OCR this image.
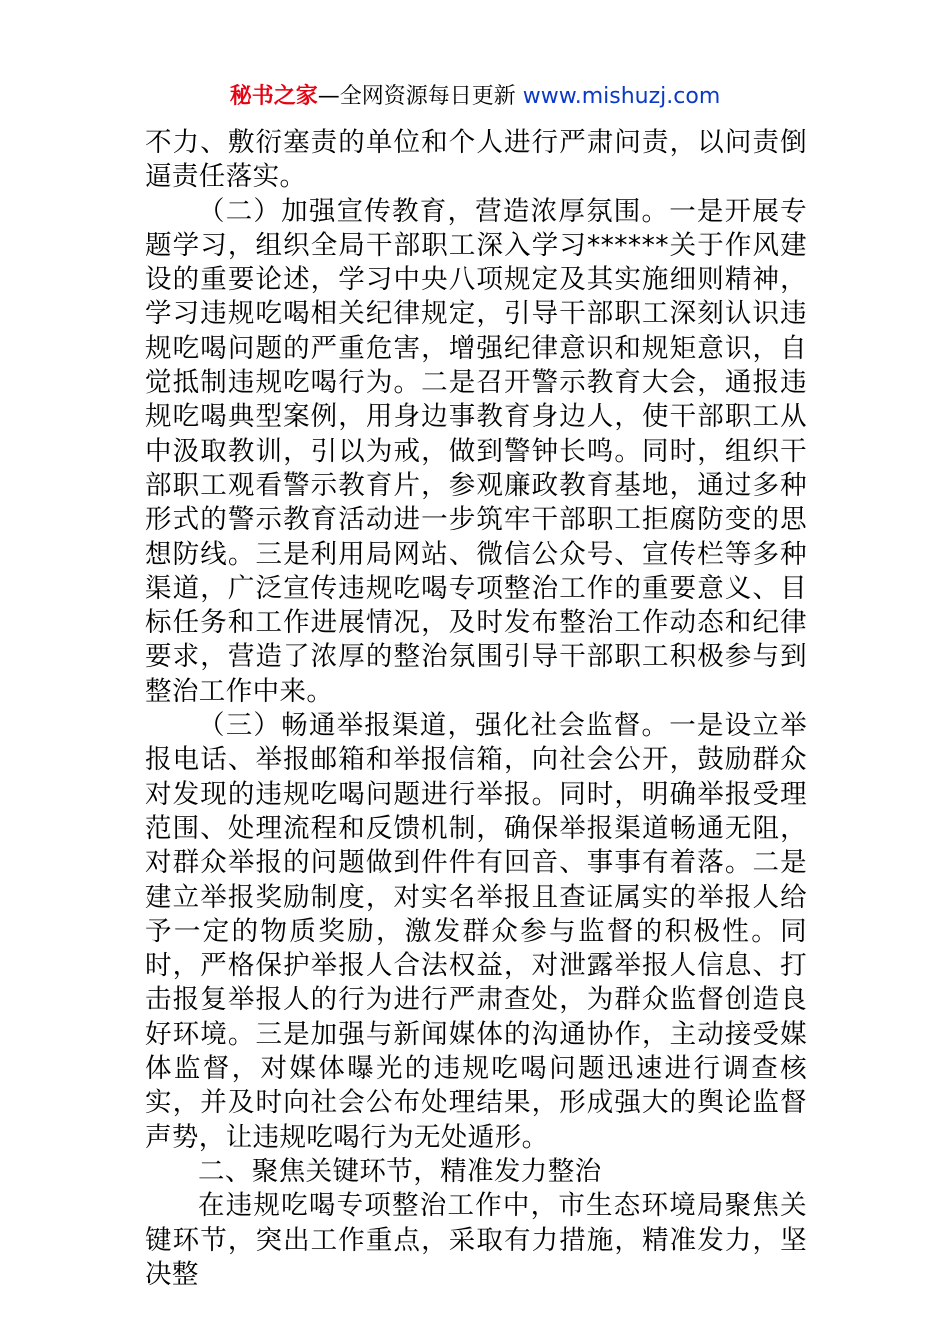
秘书之家—全网资源每日更新 www.mishuzj.com

不力、敷衍塞责的单位和个人进行严肃问责，以问责倒逼责任落实。

（二）加强宣传教育，营造浓厚氛围。一是开展专题学习，组织全局干部职工深入学习******关于作风建设的重要论述，学习中央八项规定及其实施细则精神，学习违规吃喝相关纪律规定，引导干部职工深刻认识违规吃喝问题的严重危害，增强纪律意识和规矩意识，自觉抵制违规吃喝行为。二是召开警示教育大会，通报违规吃喝典型案例，用身边事教育身边人，使干部职工从中汲取教训，引以为戒，做到警钟长鸣。同时，组织干部职工观看警示教育片，参观廉政教育基地，通过多种形式的警示教育活动进一步筑牢干部职工拒腐防变的思想防线。三是利用局网站、微信公众号、宣传栏等多种渠道，广泛宣传违规吃喝专项整治工作的重要意义、目标任务和工作进展情况，及时发布整治工作动态和纪律要求，营造了浓厚的整治氛围引导干部职工积极参与到整治工作中来。

（三）畅通举报渠道，强化社会监督。一是设立举报电话、举报邮箱和举报信箱，向社会公开，鼓励群众对发现的违规吃喝问题进行举报。同时，明确举报受理范围、处理流程和反馈机制，确保举报渠道畅通无阻，对群众举报的问题做到件件有回音、事事有着落。二是建立举报奖励制度，对实名举报且查证属实的举报人给予一定的物质奖励，激发群众参与监督的积极性。同时，严格保护举报人合法权益，对泄露举报人信息、打击报复举报人的行为进行严肃查处，为群众监督创造良好环境。三是加强与新闻媒体的沟通协作，主动接受媒体监督，对媒体曝光的违规吃喝问题迅速进行调查核实，并及时向社会公布处理结果，形成强大的舆论监督声势，让违规吃喝行为无处遁形。

二、聚焦关键环节，精准发力整治

在违规吃喝专项整治工作中，市生态环境局聚焦关键环节，突出工作重点，采取有力措施，精准发力，坚决整
